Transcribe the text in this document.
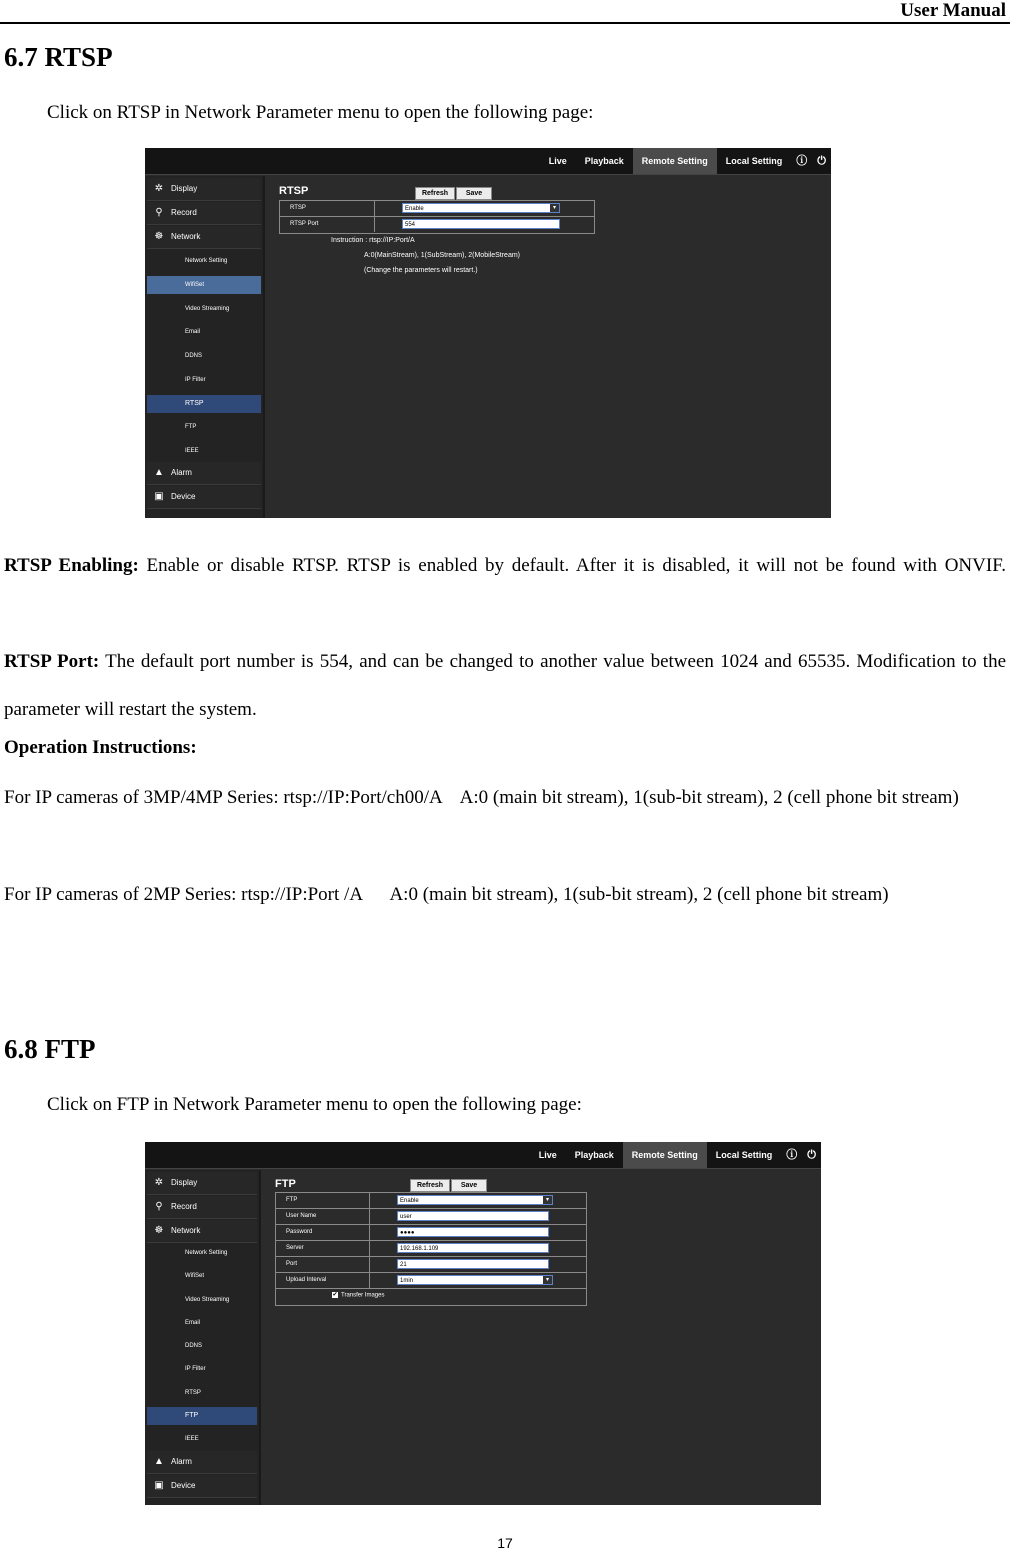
User Manual
6.7 RTSP

Click on RTSP in Network Parameter menu to open the following page:

Live	Playback	Remote Setting	Local Setting	ⓘ ⏻
✲ Display
⚲ Record
☸ Network
Network Setting
WifiSet
Video Streaming
Email
DDNS
IP Filter
RTSP
FTP
IEEE
▲ Alarm
▣ Device
RTSP	Refresh	Save
RTSP	Enable	▾
RTSP Port	554
Instruction : rtsp://IP:Port/A
A:0(MainStream), 1(SubStream), 2(MobileStream)
(Change the parameters will restart.)

RTSP Enabling: Enable or disable RTSP. RTSP is enabled by default. After it is disabled, it will not be found with ONVIF.

RTSP Port: The default port number is 554, and can be changed to another value between 1024 and 65535. Modification to the parameter will restart the system.

Operation Instructions:

For IP cameras of 3MP/4MP Series: rtsp://IP:Port/ch00/A    A:0 (main bit stream), 1(sub-bit stream), 2 (cell phone bit stream)

For IP cameras of 2MP Series: rtsp://IP:Port /A      A:0 (main bit stream), 1(sub-bit stream), 2 (cell phone bit stream)

6.8 FTP

Click on FTP in Network Parameter menu to open the following page:

Live	Playback	Remote Setting	Local Setting	ⓘ ⏻
✲ Display
⚲ Record
☸ Network
Network Setting
WifiSet
Video Streaming
Email
DDNS
IP Filter
RTSP
FTP
IEEE
▲ Alarm
▣ Device
FTP	Refresh	Save
FTP	Enable	▾
User Name	user
Password	●●●●
Server	192.168.1.109
Port	21
Upload Interval	1min	▾
✔ Transfer Images
17
